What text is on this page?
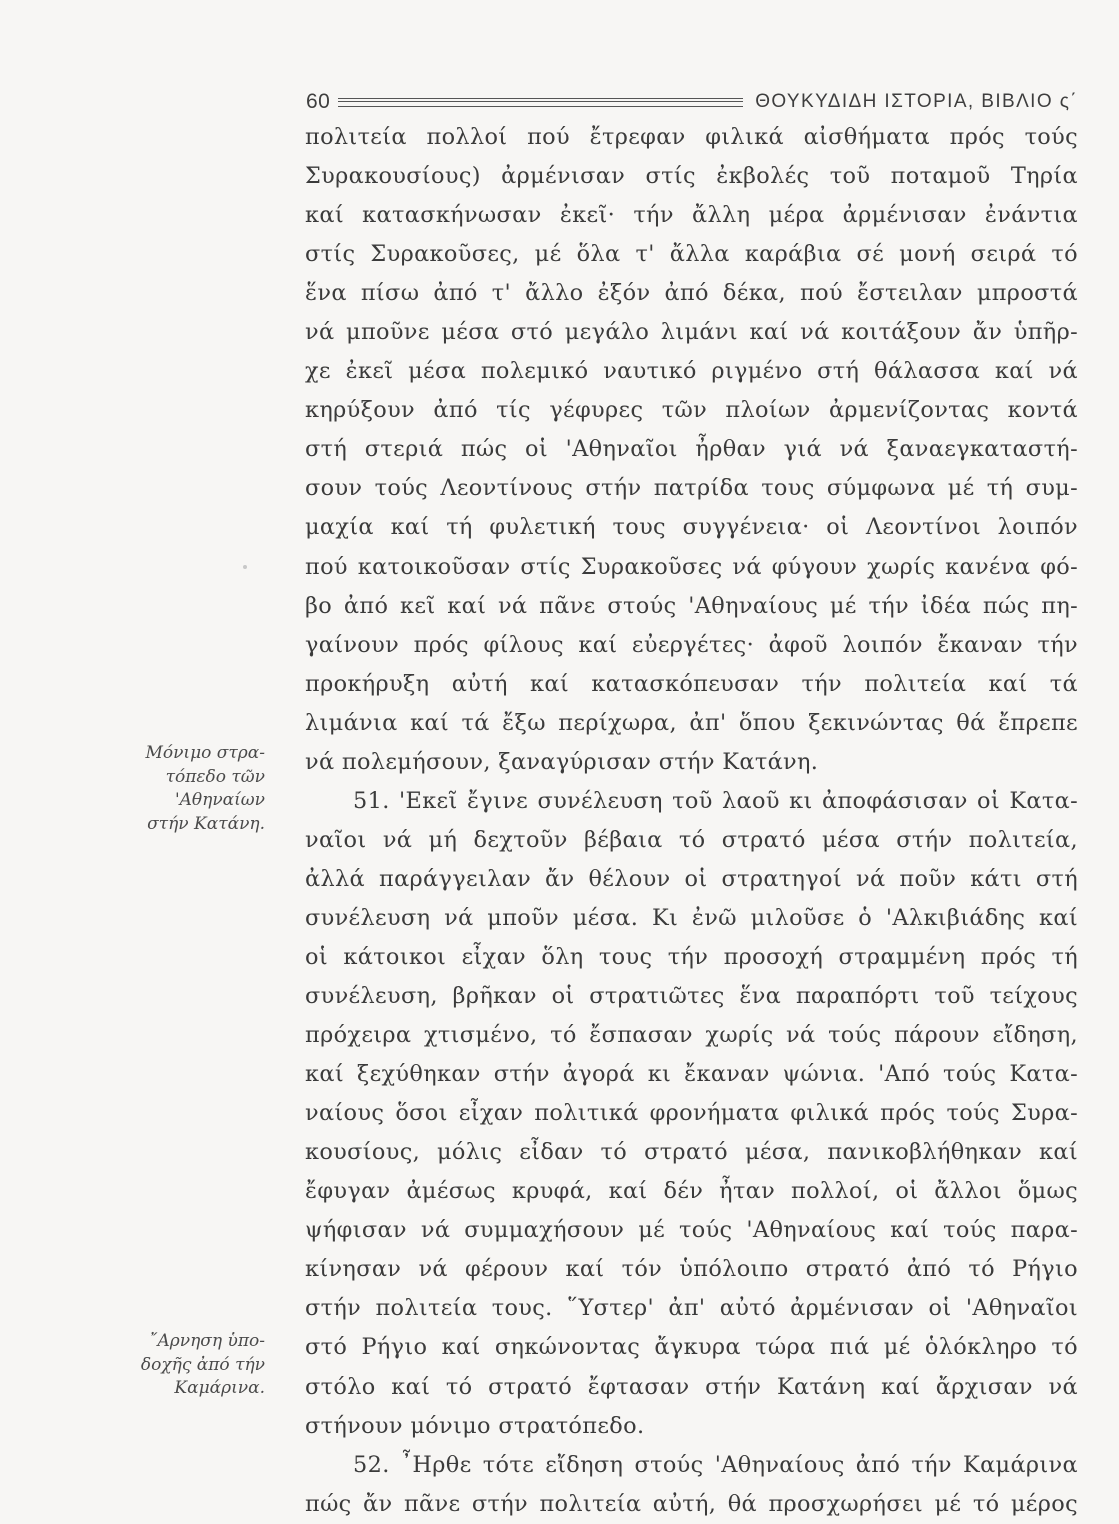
60	ΘΟΥΚΥΔΙΔΗ ΙΣΤΟΡΙΑ, ΒΙΒΛΙΟ ς΄

πολιτεία πολλοί πού ἔτρεφαν φιλικά αἰσθήματα πρός τούς
Συρακουσίους) ἀρμένισαν στίς ἐκβολές τοῦ ποταμοῦ Τηρία
καί κατασκήνωσαν ἐκεῖ· τήν ἄλλη μέρα ἀρμένισαν ἐνάντια
στίς Συρακοῦσες, μέ ὅλα τ' ἄλλα καράβια σέ μονή σειρά τό
ἕνα πίσω ἀπό τ' ἄλλο ἐξόν ἀπό δέκα, πού ἔστειλαν μπροστά
νά μποῦνε μέσα στό μεγάλο λιμάνι καί νά κοιτάξουν ἄν ὑπῆρ-
χε ἐκεῖ μέσα πολεμικό ναυτικό ριγμένο στή θάλασσα καί νά
κηρύξουν ἀπό τίς γέφυρες τῶν πλοίων ἀρμενίζοντας κοντά
στή στεριά πώς οἱ 'Αθηναῖοι ἦρθαν γιά νά ξαναεγκαταστή-
σουν τούς Λεοντίνους στήν πατρίδα τους σύμφωνα μέ τή συμ-
μαχία καί τή φυλετική τους συγγένεια· οἱ Λεοντίνοι λοιπόν
πού κατοικοῦσαν στίς Συρακοῦσες νά φύγουν χωρίς κανένα φό-
βο ἀπό κεῖ καί νά πᾶνε στούς 'Αθηναίους μέ τήν ἰδέα πώς πη-
γαίνουν πρός φίλους καί εὐεργέτες· ἀφοῦ λοιπόν ἔκαναν τήν
προκήρυξη αὐτή καί κατασκόπευσαν τήν πολιτεία καί τά
λιμάνια καί τά ἔξω περίχωρα, ἀπ' ὅπου ξεκινώντας θά ἔπρεπε
νά πολεμήσουν, ξαναγύρισαν στήν Κατάνη.

51. 'Εκεῖ ἔγινε συνέλευση τοῦ λαοῦ κι ἀποφάσισαν οἱ Κατα-
ναῖοι νά μή δεχτοῦν βέβαια τό στρατό μέσα στήν πολιτεία,
ἀλλά παράγγειλαν ἄν θέλουν οἱ στρατηγοί νά ποῦν κάτι στή
συνέλευση νά μποῦν μέσα. Κι ἐνῶ μιλοῦσε ὁ 'Αλκιβιάδης καί
οἱ κάτοικοι εἶχαν ὅλη τους τήν προσοχή στραμμένη πρός τή
συνέλευση, βρῆκαν οἱ στρατιῶτες ἕνα παραπόρτι τοῦ τείχους
πρόχειρα χτισμένο, τό ἔσπασαν χωρίς νά τούς πάρουν εἴδηση,
καί ξεχύθηκαν στήν ἀγορά κι ἔκαναν ψώνια. 'Από τούς Κατα-
ναίους ὅσοι εἶχαν πολιτικά φρονήματα φιλικά πρός τούς Συρα-
κουσίους, μόλις εἶδαν τό στρατό μέσα, πανικοβλήθηκαν καί
ἔφυγαν ἀμέσως κρυφά, καί δέν ἦταν πολλοί, οἱ ἄλλοι ὅμως
ψήφισαν νά συμμαχήσουν μέ τούς 'Αθηναίους καί τούς παρα-
κίνησαν νά φέρουν καί τόν ὑπόλοιπο στρατό ἀπό τό Ρήγιο
στήν πολιτεία τους. ῞Υστερ' ἀπ' αὐτό ἀρμένισαν οἱ 'Αθηναῖοι
στό Ρήγιο καί σηκώνοντας ἄγκυρα τώρα πιά μέ ὁλόκληρο τό
στόλο καί τό στρατό ἔφτασαν στήν Κατάνη καί ἄρχισαν νά
στήνουν μόνιμο στρατόπεδο.

52. ῏Ηρθε τότε εἴδηση στούς 'Αθηναίους ἀπό τήν Καμάρινα
πώς ἄν πᾶνε στήν πολιτεία αὐτή, θά προσχωρήσει μέ τό μέρος

Μόνιμο στρα-
τόπεδο τῶν
'Αθηναίων
στήν Κατάνη.
῎Αρνηση ὑπο-
δοχῆς ἀπό τήν
Καμάρινα.
